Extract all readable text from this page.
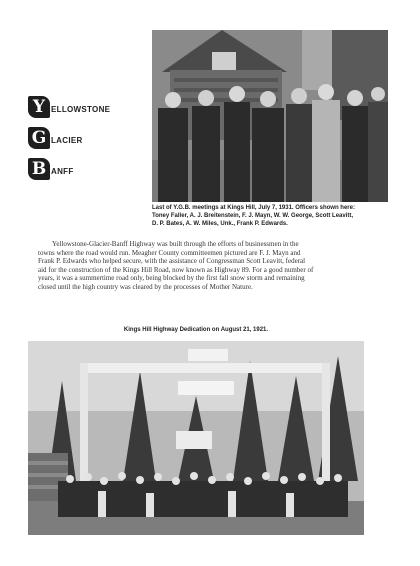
Y ELLOWSTONE
G LACIER
B ANFF
Last of Y.G.B. meetings at Kings Hill, July 7, 1931. Officers shown here:
Toney Faller, A. J. Breitenstein, F. J. Mayn, W. W. George, Scott Leavitt,
D. P. Bates, A. W. Miles, Unk., Frank P. Edwards.
Yellowstone-Glacier-Banff Highway was built through the efforts of businessmen in the
towns where the road would run. Meagher County committeemen pictured are F. J. Mayn and
Frank P. Edwards who helped secure, with the assistance of Congressman Scott Leavitt, federal
aid for the construction of the Kings Hill Road, now known as Highway 89. For a good number of
years, it was a summertime road only, being blocked by the first fall snow storm and remaining
closed until the high country was cleared by the processes of Mother Nature.
Kings Hill Highway Dedication on August 21, 1921.
